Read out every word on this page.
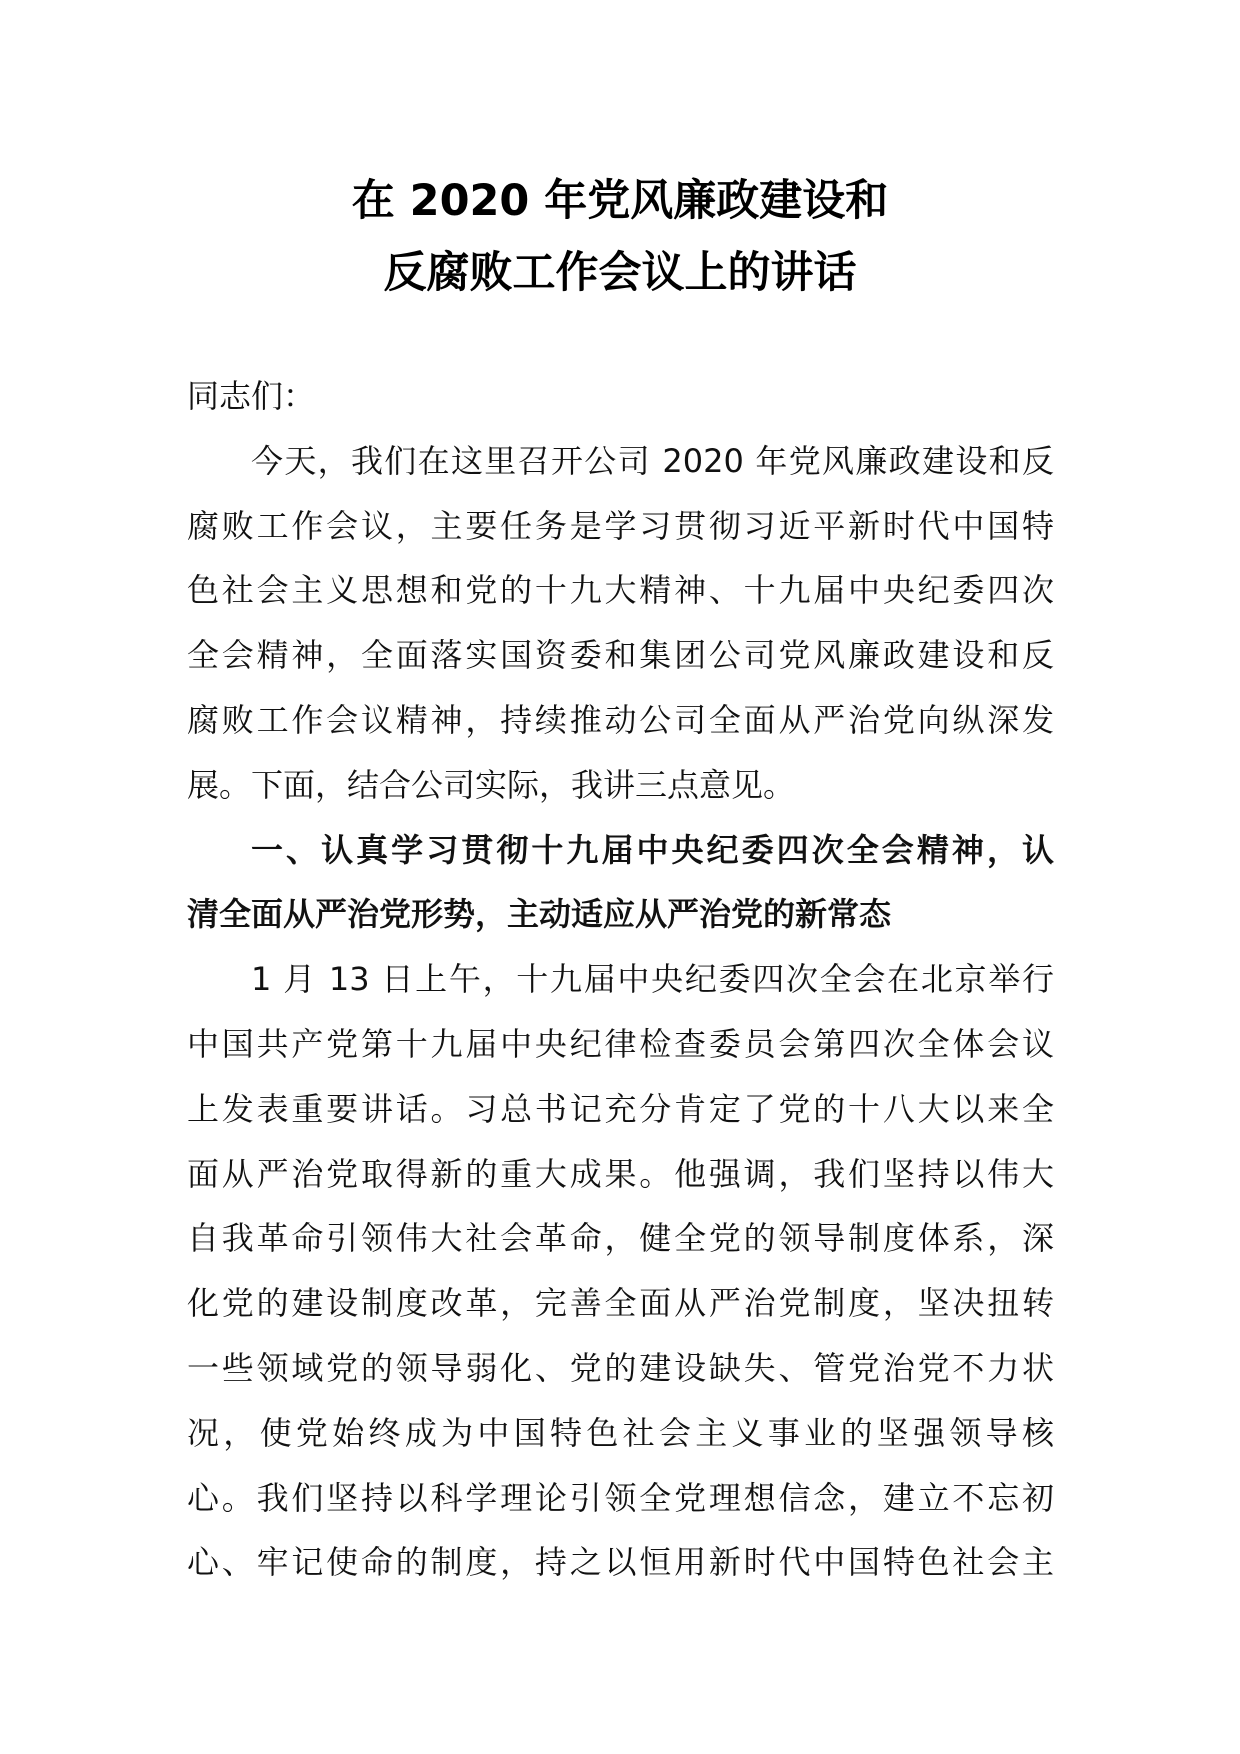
在 2020 年党风廉政建设和
反腐败工作会议上的讲话
同志们：
今天，我们在这里召开公司 2020 年党风廉政建设和反
腐败工作会议，主要任务是学习贯彻习近平新时代中国特
色社会主义思想和党的十九大精神、十九届中央纪委四次
全会精神，全面落实国资委和集团公司党风廉政建设和反
腐败工作会议精神，持续推动公司全面从严治党向纵深发
展。下面，结合公司实际，我讲三点意见。
一、认真学习贯彻十九届中央纪委四次全会精神，认
清全面从严治党形势，主动适应从严治党的新常态
1 月 13 日上午，十九届中央纪委四次全会在北京举行
中国共产党第十九届中央纪律检查委员会第四次全体会议
上发表重要讲话。习总书记充分肯定了党的十八大以来全
面从严治党取得新的重大成果。他强调，我们坚持以伟大
自我革命引领伟大社会革命，健全党的领导制度体系，深
化党的建设制度改革，完善全面从严治党制度，坚决扭转
一些领域党的领导弱化、党的建设缺失、管党治党不力状
况，使党始终成为中国特色社会主义事业的坚强领导核
心。我们坚持以科学理论引领全党理想信念，建立不忘初
心、牢记使命的制度，持之以恒用新时代中国特色社会主
